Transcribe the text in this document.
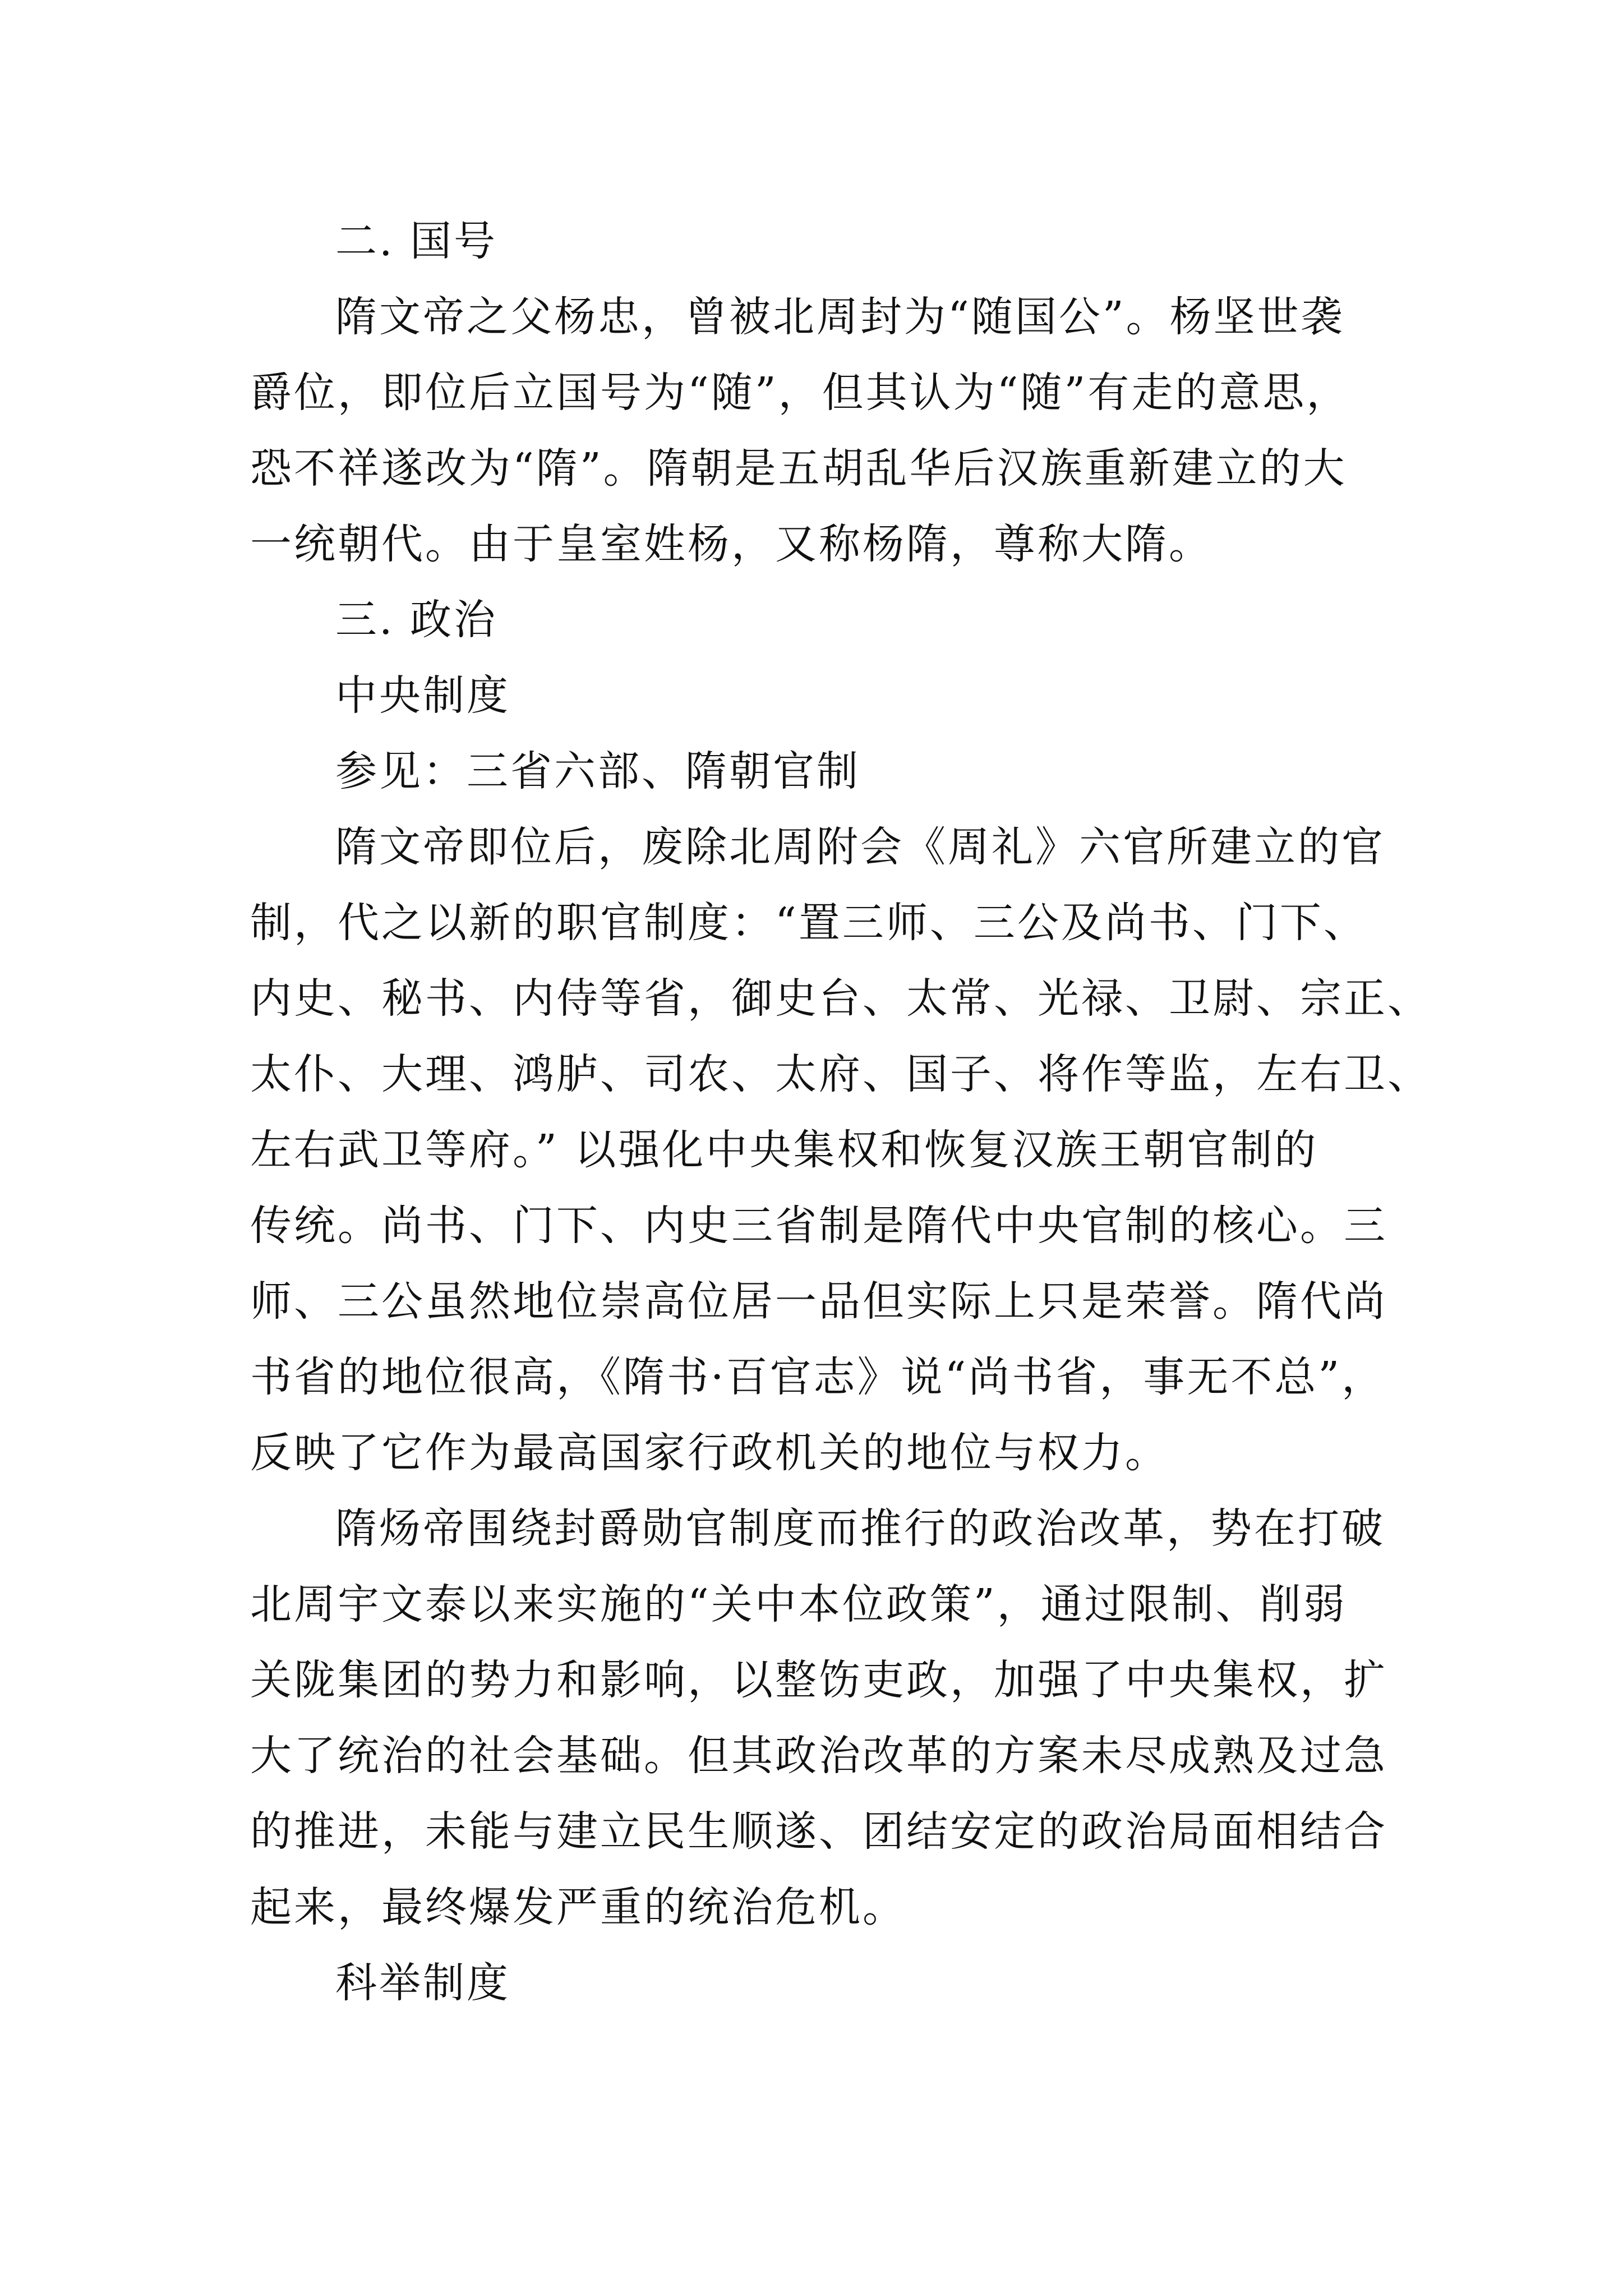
二. 国号
隋文帝之父杨忠，曾被北周封为“随国公”。杨坚世袭
爵位，即位后立国号为“随”，但其认为“随”有走的意思，
恐不祥遂改为“隋”。隋朝是五胡乱华后汉族重新建立的大
一统朝代。由于皇室姓杨，又称杨隋，尊称大隋。
三. 政治
中央制度
参见：三省六部、隋朝官制
隋文帝即位后，废除北周附会《周礼》六官所建立的官
制，代之以新的职官制度：“置三师、三公及尚书、门下、
内史、秘书、内侍等省，御史台、太常、光禄、卫尉、宗正、
太仆、大理、鸿胪、司农、太府、国子、将作等监，左右卫、
左右武卫等府。” 以强化中央集权和恢复汉族王朝官制的
传统。尚书、门下、内史三省制是隋代中央官制的核心。三
师、三公虽然地位崇高位居一品但实际上只是荣誉。隋代尚
书省的地位很高，《隋书·百官志》说“尚书省，事无不总”，
反映了它作为最高国家行政机关的地位与权力。
隋炀帝围绕封爵勋官制度而推行的政治改革，势在打破
北周宇文泰以来实施的“关中本位政策”，通过限制、削弱
关陇集团的势力和影响，以整饬吏政，加强了中央集权，扩
大了统治的社会基础。但其政治改革的方案未尽成熟及过急
的推进，未能与建立民生顺遂、团结安定的政治局面相结合
起来，最终爆发严重的统治危机。
科举制度
